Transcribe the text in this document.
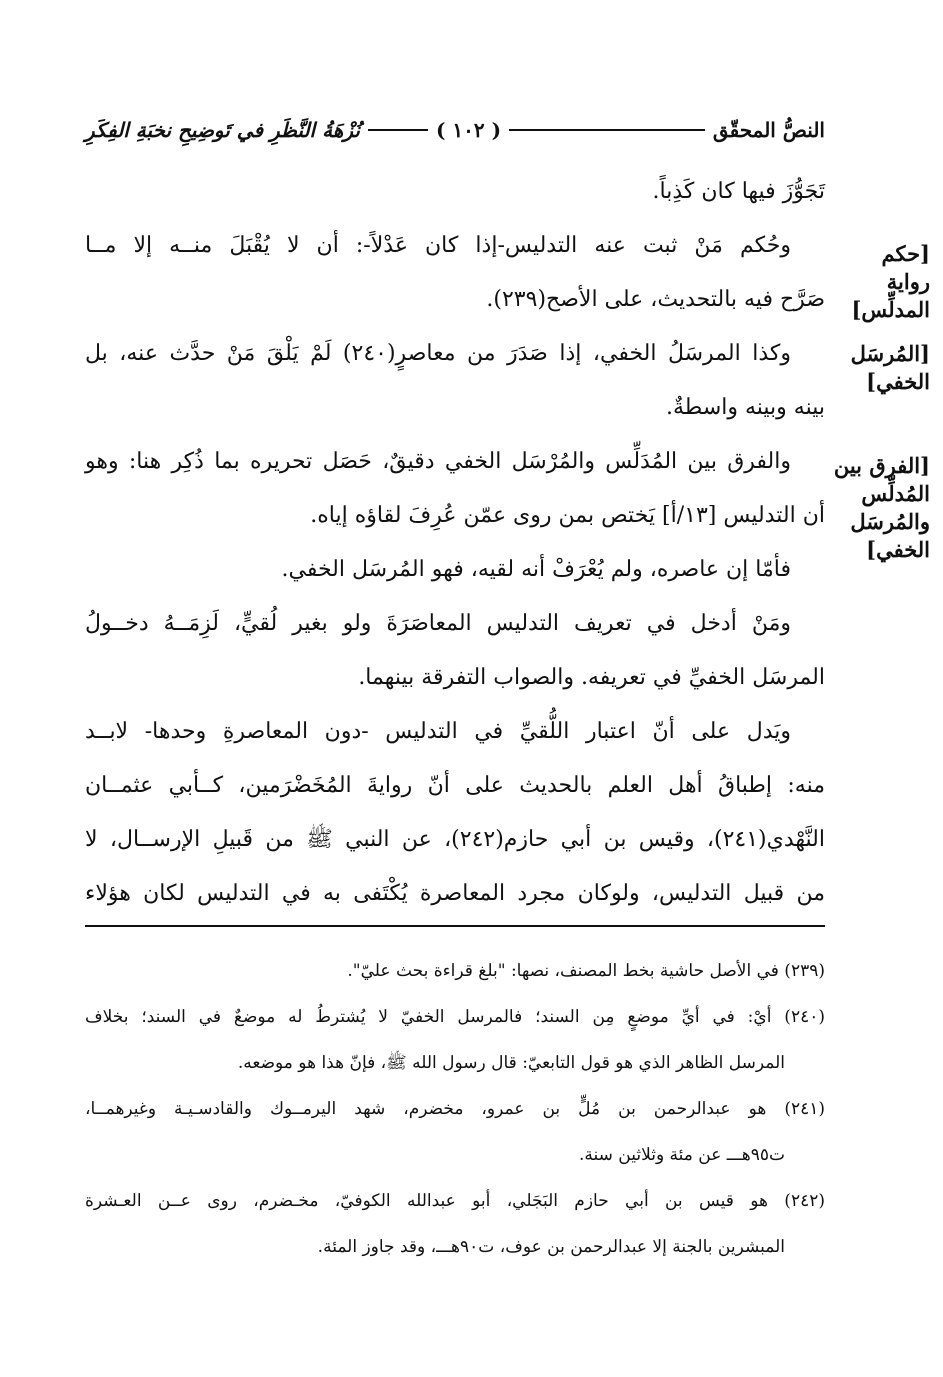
النصُّ المحقّق
( ١٠٢ )
نُزْهَةُ النَّظَرِ في تَوضِيحِ نخبَةِ الفِكَرِ
[حكم
رواية
المدلِّس]
[المُرسَل
الخفي]
[الفرق بين
المُدلِّس
والمُرسَل
الخفي]
تَجَوُّزَ فيها كان كَذِباً.
وحُكم مَنْ ثبت عنه التدليس-إذا كان عَدْلاً-: أن لا يُقْبَلَ منــه إلا مــا
صَرَّح فيه بالتحديث، على الأصح(٢٣٩).
وكذا المرسَلُ الخفي، إذا صَدَرَ من معاصرٍ(٢٤٠) لَمْ يَلْقَ مَنْ حدَّث عنه، بل
بينه وبينه واسطةٌ.
والفرق بين المُدَلِّس والمُرْسَل الخفي دقيقٌ، حَصَل تحريره بما ذُكِر هنا: وهو
أن التدليس [١٣/أ] يَختص بمن روى عمّن عُرِفَ لقاؤه إياه.
فأمّا إن عاصره، ولم يُعْرَفْ أنه لقيه، فهو المُرسَل الخفي.
ومَنْ أدخل في تعريف التدليس المعاصَرَةَ ولو بغير لُقيٍّ، لَزِمَــهُ دخــولُ
المرسَل الخفيِّ في تعريفه. والصواب التفرقة بينهما.
ويَدل على أنّ اعتبار اللُّقيِّ في التدليس -دون المعاصرةِ وحدها- لابــد
منه: إطباقُ أهل العلم بالحديث على أنّ روايةَ المُخَضْرَمين، كــأبي عثمــان
النَّهْدي(٢٤١)، وقيس بن أبي حازم(٢٤٢)، عن النبي ﷺ من قَبيلِ الإرســال، لا
من قبيل التدليس، ولوكان مجرد المعاصرة يُكْتَفى به في التدليس لكان هؤلاء
(٢٣٩) في الأصل حاشية بخط المصنف، نصها: "بلغ قراءة بحث عليّ".
(٢٤٠) أيْ: في أيِّ موضعٍ مِن السند؛ فالمرسل الخفيّ لا يُشترطُ له موضعٌ في السند؛ بخلاف
المرسل الظاهر الذي هو قول التابعيّ: قال رسول الله ﷺ، فإنّ هذا هو موضعه.
(٢٤١) هو عبدالرحمن بن مُلٍّ بن عمرو، مخضرم، شهد اليرمــوك والقادسـيـة وغيرهمــا،
ت٩٥هـــ عن مئة وثلاثين سنة.
(٢٤٢) هو قيس بن أبي حازم البَجَلي، أبو عبدالله الكوفيّ، مخـضرم، روى عــن العـشرة
المبشرين بالجنة إلا عبدالرحمن بن عوف، ت٩٠هـــ، وقد جاوز المئة.
